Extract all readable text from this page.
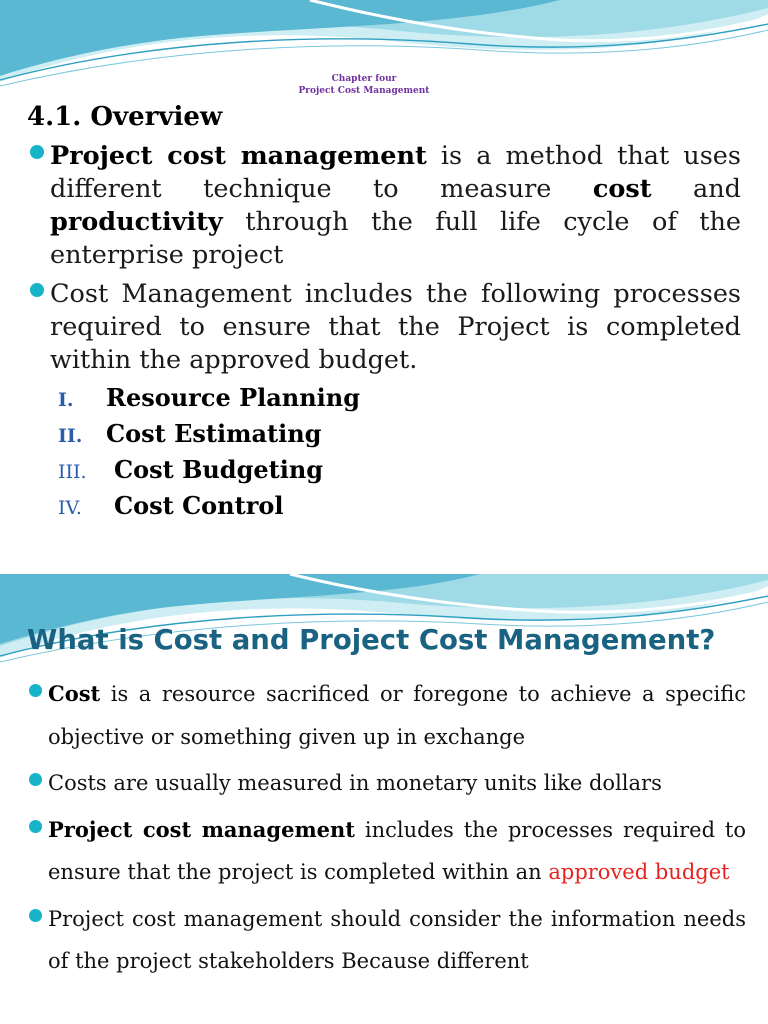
Chapter four
Project Cost Management
4.1. Overview
Project cost management is a method that uses different technique to measure cost and productivity through the full life cycle of the enterprise project
Cost Management includes the following processes required to ensure that the Project is completed within the approved budget.
I. Resource Planning
II. Cost Estimating
III. Cost Budgeting
IV. Cost Control
What is Cost and Project Cost Management?
Cost is a resource sacrificed or foregone to achieve a specific objective or something given up in exchange
Costs are usually measured in monetary units like dollars
Project cost management includes the processes required to ensure that the project is completed within an approved budget
Project cost management should consider the information needs of the project stakeholders Because different
